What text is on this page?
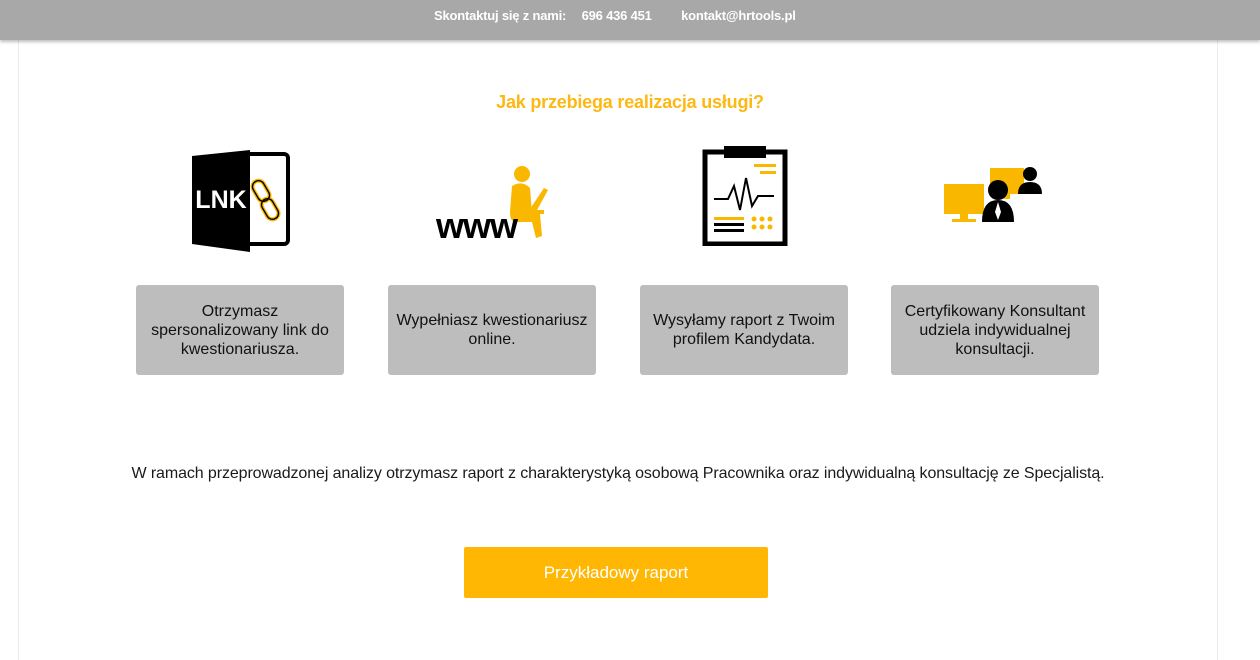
Skontaktuj się z nami: 696 436 451 kontakt@hrtools.pl
Jak przebiega realizacja usługi?
LNK
www
Otrzymasz spersonalizowany link do kwestionariusza.
Wypełniasz kwestionariusz online.
Wysyłamy raport z Twoim profilem Kandydata.
Certyfikowany Konsultant udziela indywidualnej konsultacji.
W ramach przeprowadzonej analizy otrzymasz raport z charakterystyką osobową Pracownika oraz indywidualną konsultację ze Specjalistą.
Przykładowy raport
